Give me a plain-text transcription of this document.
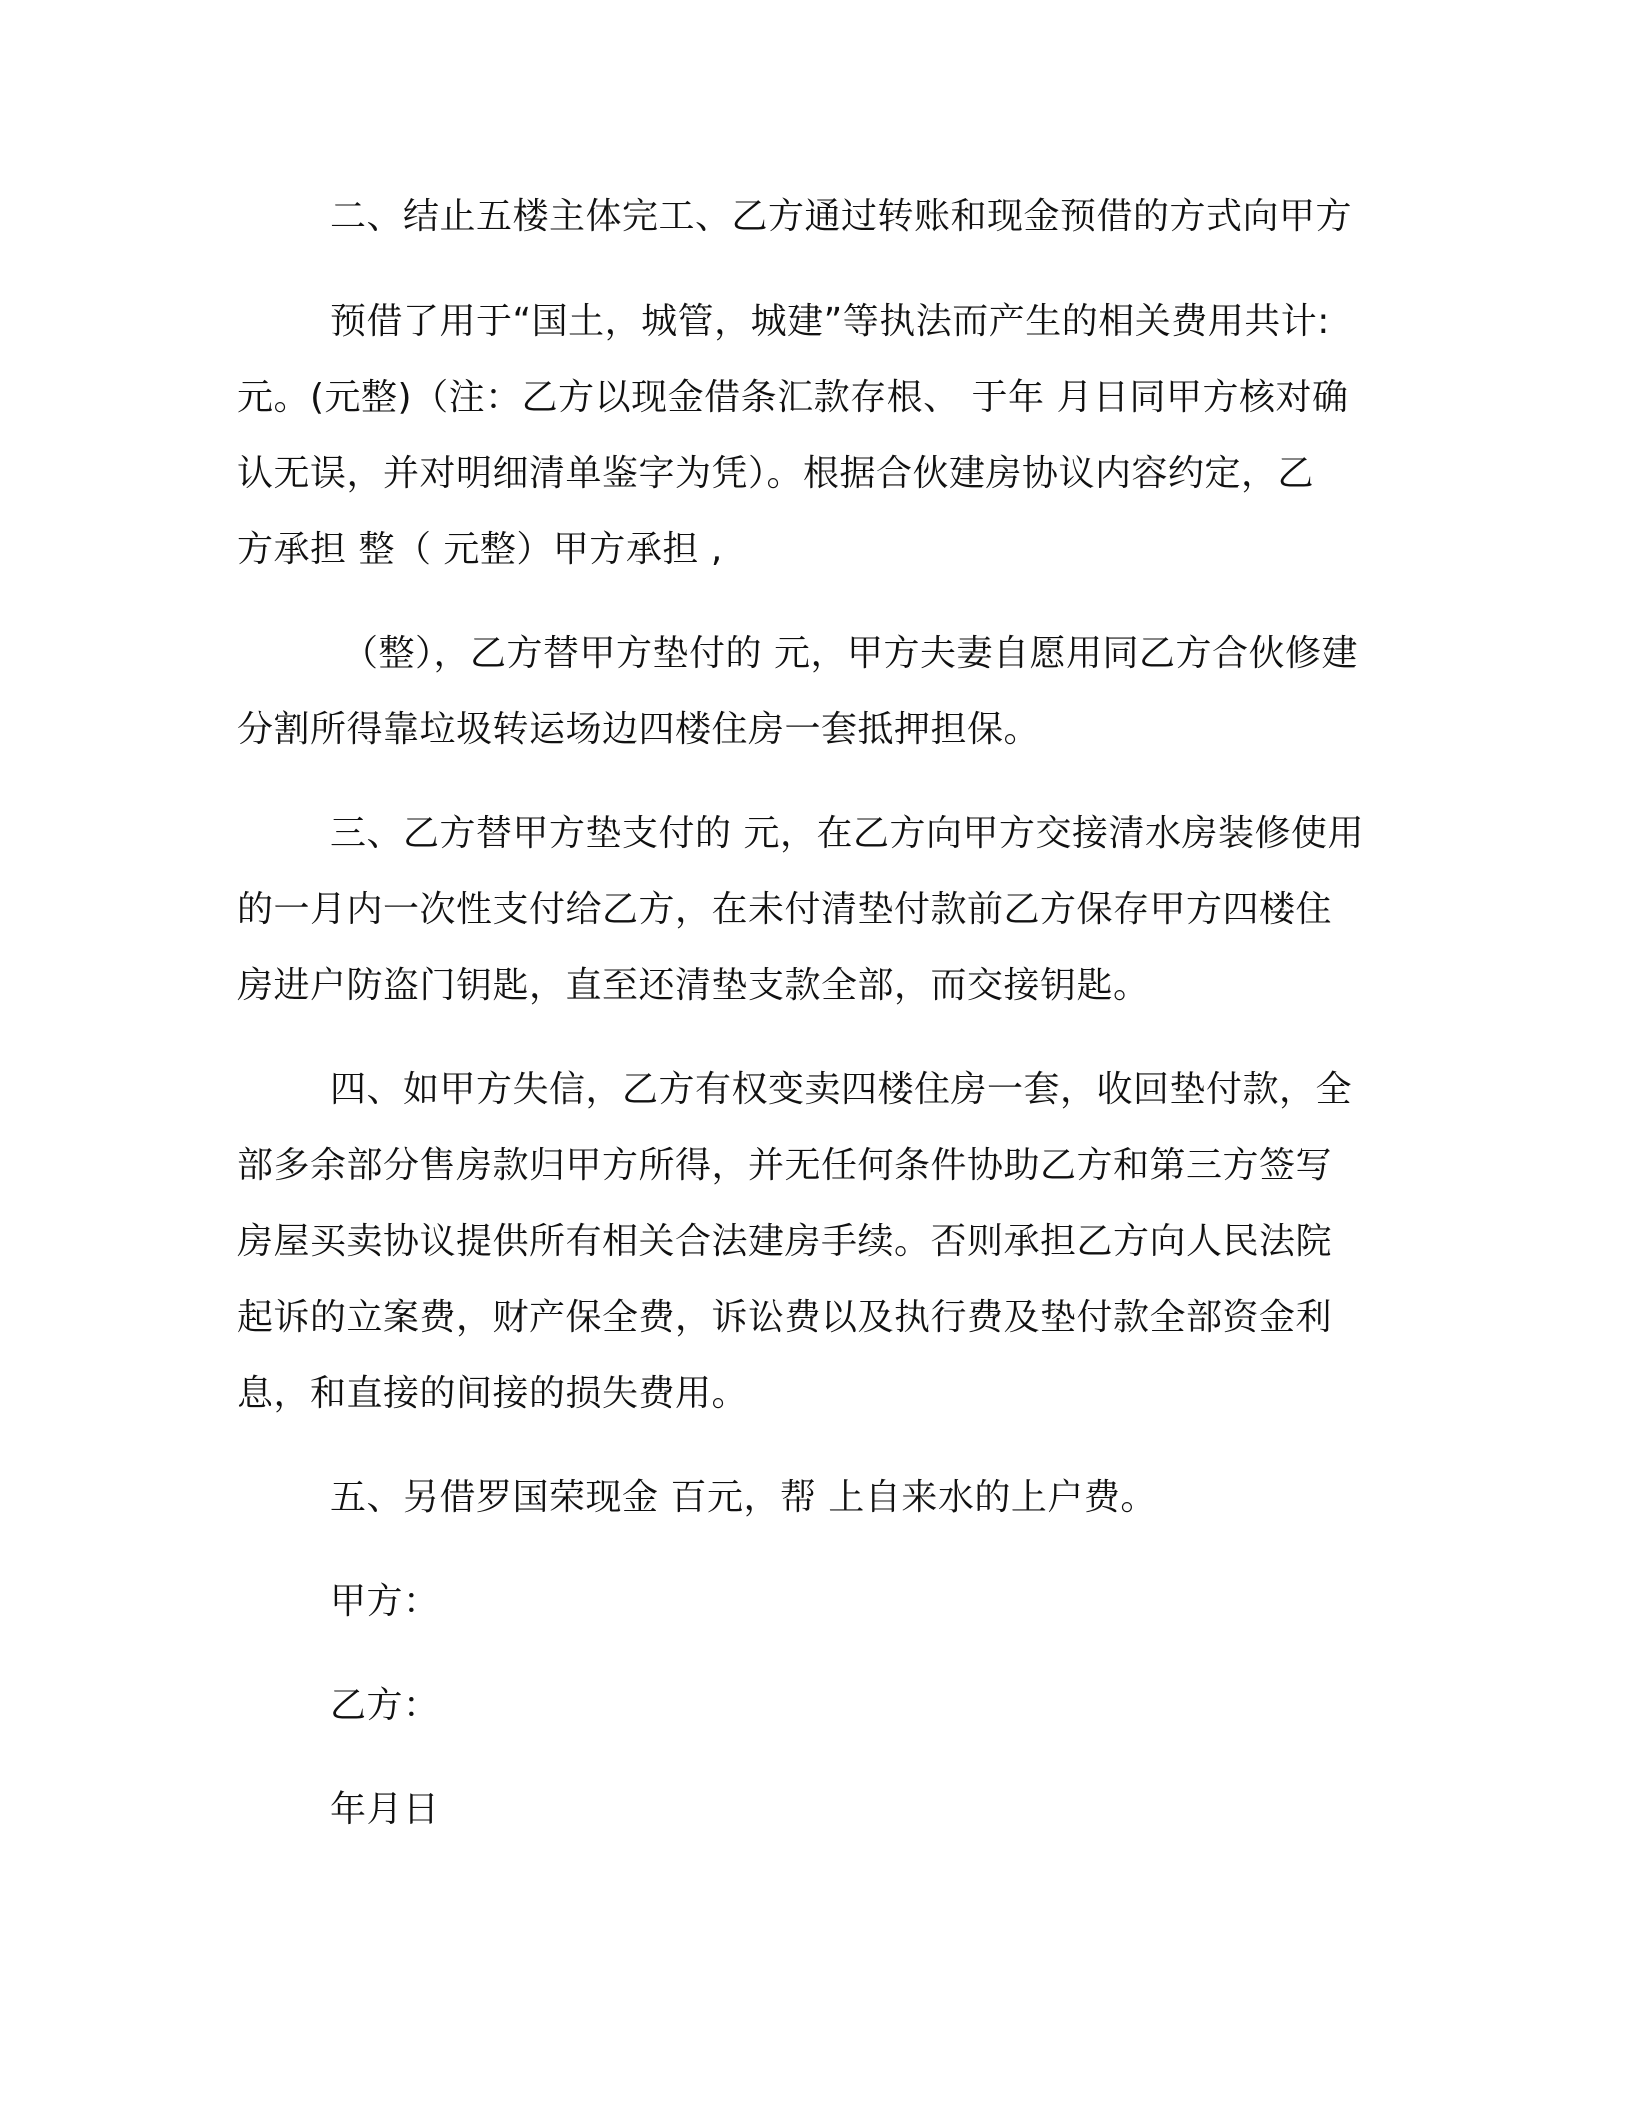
二、结止五楼主体完工、乙方通过转账和现金预借的方式向甲方
预借了用于“国土，城管，城建”等执法而产生的相关费用共计:
元。(元整)（注：乙方以现金借条汇款存根、 于年 月日同甲方核对确
认无误，并对明细清单鉴字为凭）。根据合伙建房协议内容约定，乙
方承担 整（ 元整）甲方承担 ,
（整），乙方替甲方垫付的 元，甲方夫妻自愿用同乙方合伙修建
分割所得靠垃圾转运场边四楼住房一套抵押担保。
三、乙方替甲方垫支付的 元，在乙方向甲方交接清水房装修使用
的一月内一次性支付给乙方，在未付清垫付款前乙方保存甲方四楼住
房进户防盗门钥匙，直至还清垫支款全部，而交接钥匙。
四、如甲方失信，乙方有权变卖四楼住房一套，收回垫付款，全
部多余部分售房款归甲方所得，并无任何条件协助乙方和第三方签写
房屋买卖协议提供所有相关合法建房手续。否则承担乙方向人民法院
起诉的立案费，财产保全费，诉讼费以及执行费及垫付款全部资金利
息，和直接的间接的损失费用。
五、另借罗国荣现金 百元，帮 上自来水的上户费。
甲方：
乙方：
年月日
